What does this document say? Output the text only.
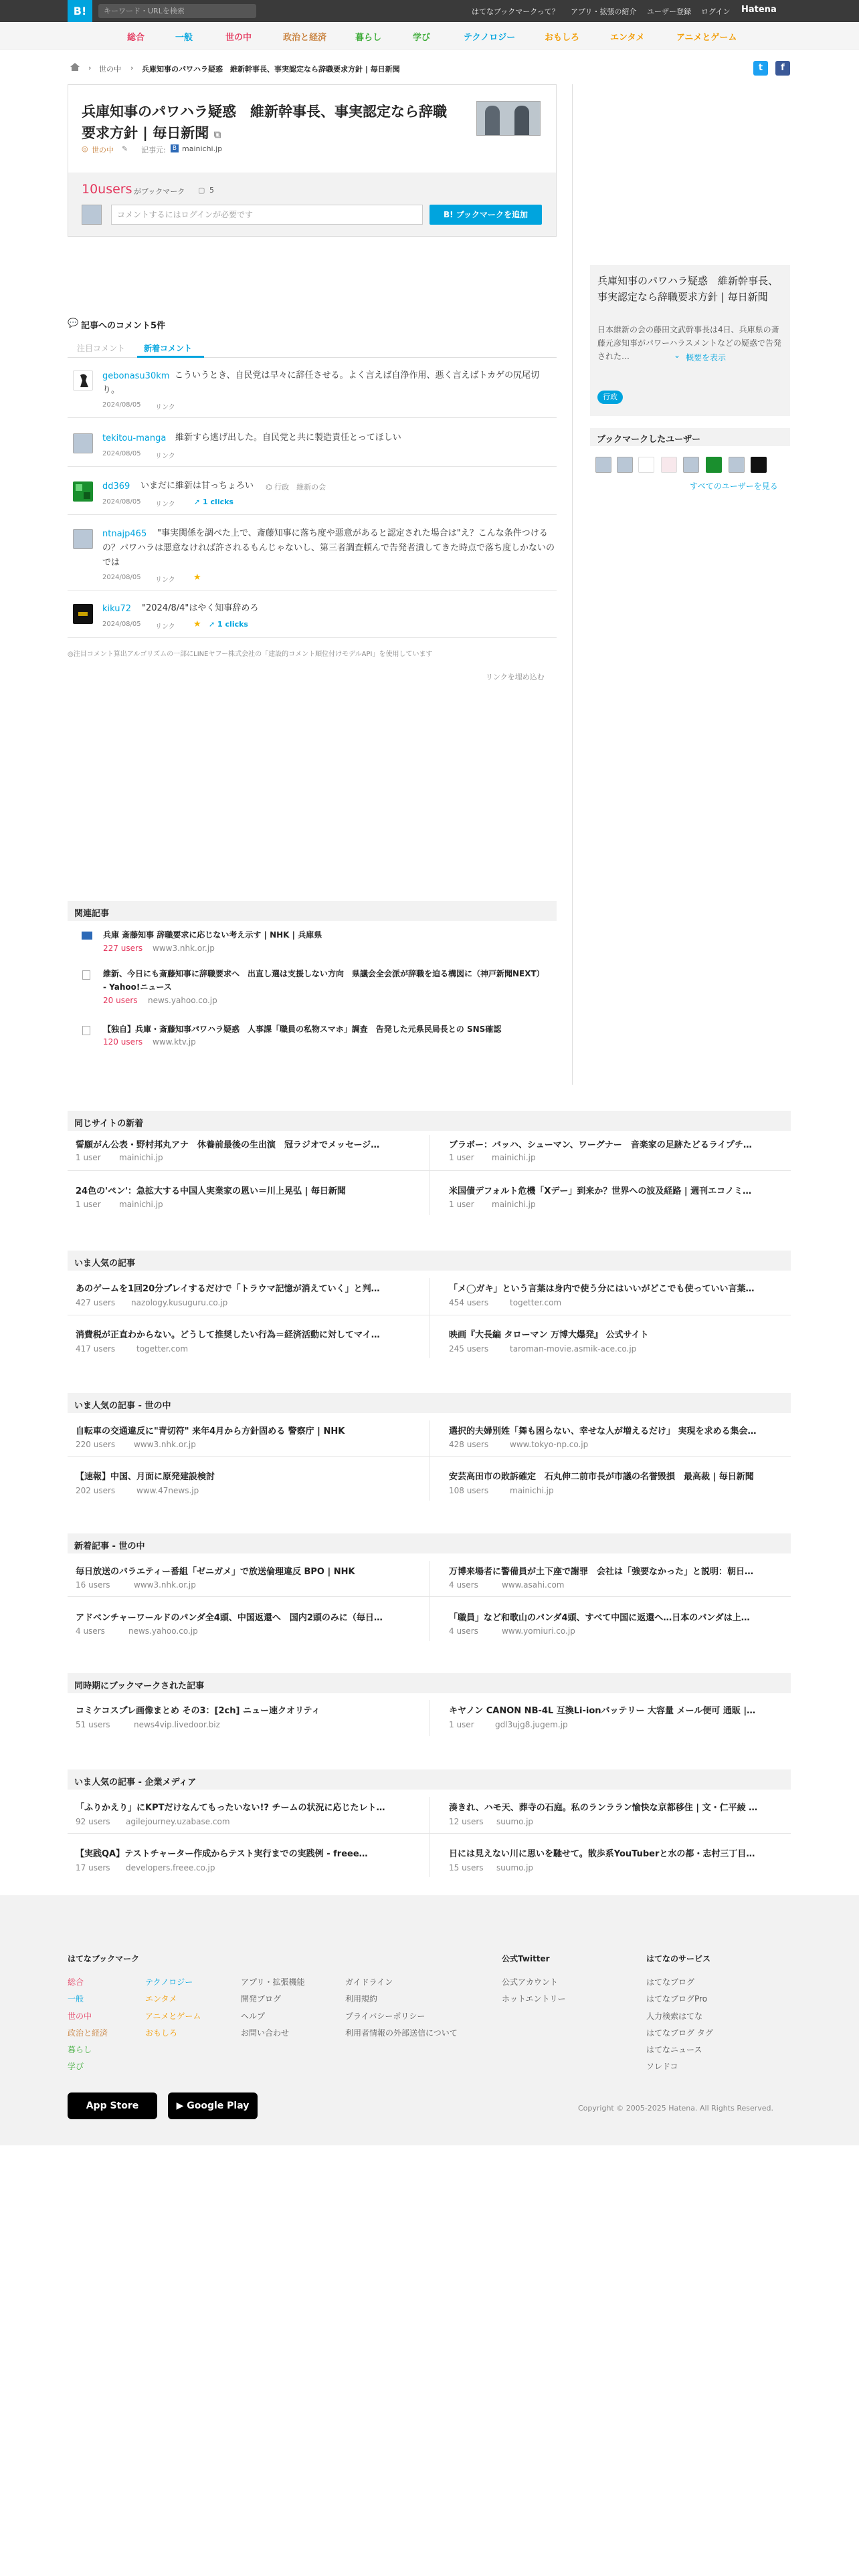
B!	キーワード・URLを検索	はてなブックマークって？ アプリ・拡張の紹介 ユーザー登録 ログイン Hatena
総合	一般	世の中	政治と経済	暮らし	学び	テクノロジー	おもしろ	エンタメ	アニメとゲーム
› 世の中 › 兵庫知事のパワハラ疑惑　維新幹事長、事実認定なら辞職要求方針 | 毎日新聞	t	f
兵庫知事のパワハラ疑惑　維新幹事長、事実認定なら辞職要求方針 | 毎日新聞 ⧉
◎ 世の中 ✎ 記事元:	B mainichi.jp
10users がブックマーク ▢ 5
コメントするにはログインが必要です	B! ブックマークを追加
💬 記事へのコメント5件
注目コメント 新着コメント
gebonasu30km こういうとき、自民党は早々に辞任させる。よく言えば自浄作用、悪く言えばトカゲの尻尾切り。
2024/08/05 リンク
tekitou-manga 維新すら逃げ出した。自民党と共に製造責任とってほしい
2024/08/05 リンク
dd369 いまだに維新は甘っちょろい ⌬ 行政　維新の会
2024/08/05 リンク	➚ 1 clicks
ntnajp465	"事実関係を調べた上で、斎藤知事に落ち度や悪意があると認定された場合は"え？こんな条件つけるの？パワハラは悪意なければ許されるもんじゃないし、第三者調査頼んで告発者潰してきた時点で落ち度しかないのでは
2024/08/05 リンク ★
kiku72 "2024/8/4"はやく知事辞めろ
2024/08/05 リンク ★ ➚ 1 clicks
◎注目コメント算出アルゴリズムの一部にLINEヤフー株式会社の「建設的コメント順位付けモデルAPI」を使用しています
リンクを埋め込む
兵庫知事のパワハラ疑惑　維新幹事長、事実認定なら辞職要求方針 | 毎日新聞
日本維新の会の藤田文武幹事長は4日、兵庫県の斎藤元彦知事がパワーハラスメントなどの疑惑で告発された…	⌄ 概要を表示
行政
ブックマークしたユーザー
すべてのユーザーを見る
関連記事
兵庫 斎藤知事 辞職要求に応じない考え示す | NHK | 兵庫県
227 users www3.nhk.or.jp
維新、今日にも斎藤知事に辞職要求へ　出直し選は支援しない方向　県議会全会派が辞職を迫る構図に（神戸新聞NEXT） - Yahoo!ニュース
20 users news.yahoo.co.jp
【独自】兵庫・斎藤知事パワハラ疑惑　人事課「職員の私物スマホ」調査　告発した元県民局長との SNS確認
120 users www.ktv.jp
同じサイトの新着
誓願がん公表・野村邦丸アナ　休養前最後の生出演　冠ラジオでメッセージ…
1 user mainichi.jp
ブラボー：バッハ、シューマン、ワーグナー　音楽家の足跡たどるライプチ…
1 user mainichi.jp
24色の'ペン'：急拡大する中国人実業家の恩い＝川上晃弘 | 毎日新聞
1 user mainichi.jp
米国債デフォルト危機「Xデー」到来か？世界への波及経路 | 週刊エコノミ…
1 user mainichi.jp
いま人気の記事
あのゲームを1回20分プレイするだけで「トラウマ記憶が消えていく」と判…
427 users nazology.kusuguru.co.jp
「メ◯ガキ」という言葉は身内で使う分にはいいがどこでも使っていい言葉…
454 users	togetter.com
消費税が正直わからない。どうして推奨したい行為＝経済活動に対してマイ…
417 users	togetter.com
映画『大長編 タローマン 万博大爆発』 公式サイト
245 users	taroman-movie.asmik-ace.co.jp
いま人気の記事 - 世の中
自転車の交通違反に"青切符" 来年4月から方針固める 警察庁 | NHK
220 users www3.nhk.or.jp
選択的夫婦別姓「舞も困らない、幸せな人が増えるだけ」 実現を求める集会…
428 users	www.tokyo-np.co.jp
【速報】中国、月面に原発建設検討
202 users	www.47news.jp
安芸高田市の敗訴確定　石丸伸二前市長が市議の名誉毀損　最高裁 | 毎日新聞
108 users	mainichi.jp
新着記事 - 世の中
毎日放送のバラエティー番組「ゼニガメ」で放送倫理違反 BPO | NHK
16 users	www3.nhk.or.jp
万博来場者に警備員が土下座で謝罪　会社は「強要なかった」と説明：朝日…
4 users	www.asahi.com
アドベンチャーワールドのパンダ全4頭、中国返還へ　国内2頭のみに（毎日…
4 users	news.yahoo.co.jp
「職員」など和歌山のパンダ4頭、すべて中国に返還へ…日本のパンダは上…
4 users	www.yomiuri.co.jp
同時期にブックマークされた記事
コミケコスプレ画像まとめ その3：[2ch] ニュー速クオリティ
51 users	news4vip.livedoor.biz
キヤノン CANON NB-4L 互換Li-ionバッテリー 大容量 メール便可 通販 |…
1 user	gdl3ujg8.jugem.jp
いま人気の記事 - 企業メディア
「ふりかえり」にKPTだけなんてもったいない!? チームの状況に応じたレト…
92 users agilejourney.uzabase.com
湊きれ、ハモ天、葬寺の石庭。私のランララン愉快な京都移住 | 文・仁平綾 …
12 users suumo.jp
【実践QA】テストチャーター作成からテスト実行までの実践例 - freee…
17 users developers.freee.co.jp
日には見えない川に思いを馳せて。散歩系YouTuberと水の都・志村三丁目…
15 users suumo.jp
はてなブックマーク
総合
一般
世の中
政治と経済
暮らし
学び
テクノロジー
エンタメ
アニメとゲーム
おもしろ
アプリ・拡張機能
開発ブログ
ヘルプ
お問い合わせ
ガイドライン
利用規約
プライバシーポリシー
利用者情報の外部送信について
公式Twitter
公式アカウント
ホットエントリー
はてなのサービス
はてなブログ
はてなブログPro
人力検索はてな
はてなブログ タグ
はてなニュース
ソレドコ
App Store	▶ Google Play	Copyright © 2005-2025 Hatena. All Rights Reserved.
